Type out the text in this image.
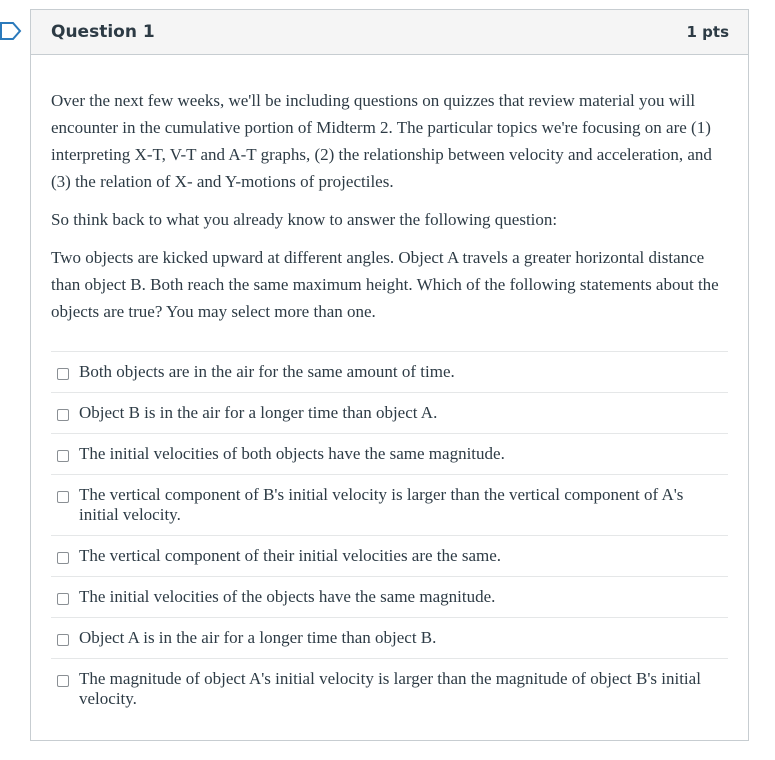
Question 1	1 pts

Over the next few weeks, we'll be including questions on quizzes that review material you will encounter in the cumulative portion of Midterm 2. The particular topics we're focusing on are (1) interpreting X-T, V-T and A-T graphs, (2) the relationship between velocity and acceleration, and (3) the relation of X- and Y-motions of projectiles.

So think back to what you already know to answer the following question:

Two objects are kicked upward at different angles. Object A travels a greater horizontal distance than object B. Both reach the same maximum height. Which of the following statements about the objects are true? You may select more than one.

Both objects are in the air for the same amount of time.
Object B is in the air for a longer time than object A.
The initial velocities of both objects have the same magnitude.
The vertical component of B's initial velocity is larger than the vertical component of A's initial velocity.
The vertical component of their initial velocities are the same.
The initial velocities of the objects have the same magnitude.
Object A is in the air for a longer time than object B.
The magnitude of object A's initial velocity is larger than the magnitude of object B's initial velocity.
